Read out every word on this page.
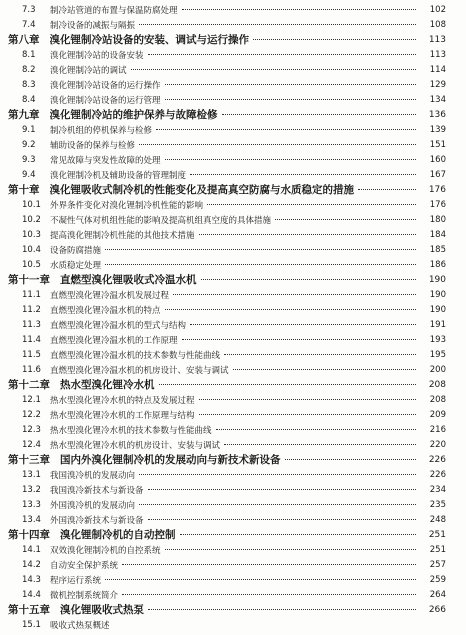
7.3	制冷站管道的布置与保温防腐处理	102
7.4	制冷设备的减振与隔振	108
第八章 溴化锂制冷站设备的安装、调试与运行操作	113
8.1	溴化锂制冷站的设备安装	113
8.2	溴化锂制冷站的调试	114
8.3	溴化锂制冷站设备的运行操作	129
8.4	溴化锂制冷站设备的运行管理	134
第九章 溴化锂制冷站的维护保养与故障检修	136
9.1	制冷机组的停机保养与检修	139
9.2	辅助设备的保养与检修	151
9.3	常见故障与突发性故障的处理	160
9.4	溴化锂制冷机及辅助设备的管理制度	167
第十章 溴化锂吸收式制冷机的性能变化及提高真空防腐与水质稳定的措施	176
10.1	外界条件变化对溴化锂制冷机性能的影响	176
10.2	不凝性气体对机组性能的影响及提高机组真空度的具体措施	180
10.3	提高溴化锂制冷机性能的其他技术措施	184
10.4	设备防腐措施	185
10.5	水质稳定处理	186
第十一章 直燃型溴化锂吸收式冷温水机	190
11.1	直燃型溴化锂冷温水机发展过程	190
11.2	直燃型溴化锂冷温水机的特点	190
11.3	直燃型溴化锂冷温水机的型式与结构	191
11.4	直燃型溴化锂冷温水机的工作原理	193
11.5	直燃型溴化锂冷温水机的技术参数与性能曲线	195
11.6	直燃型溴化锂冷温水机的机房设计、安装与调试	200
第十二章 热水型溴化锂冷水机	208
12.1	热水型溴化锂冷水机的特点及发展过程	208
12.2	热水型溴化锂冷水机的工作原理与结构	209
12.3	热水型溴化锂冷水机的技术参数与性能曲线	216
12.4	热水型溴化锂冷水机的机房设计、安装与调试	220
第十三章 国内外溴化锂制冷机的发展动向与新技术新设备	226
13.1	我国溴冷机的发展动向	226
13.2	我国溴冷新技术与新设备	234
13.3	外国溴冷机的发展动向	235
13.4	外国溴冷新技术与新设备	248
第十四章 溴化锂制冷机的自动控制	251
14.1	双效溴化锂制冷机的自控系统	251
14.2	自动安全保护系统	257
14.3	程序运行系统	259
14.4	微机控制系统简介	264
第十五章 溴化锂吸收式热泵	266
15.1	吸收式热泵概述
